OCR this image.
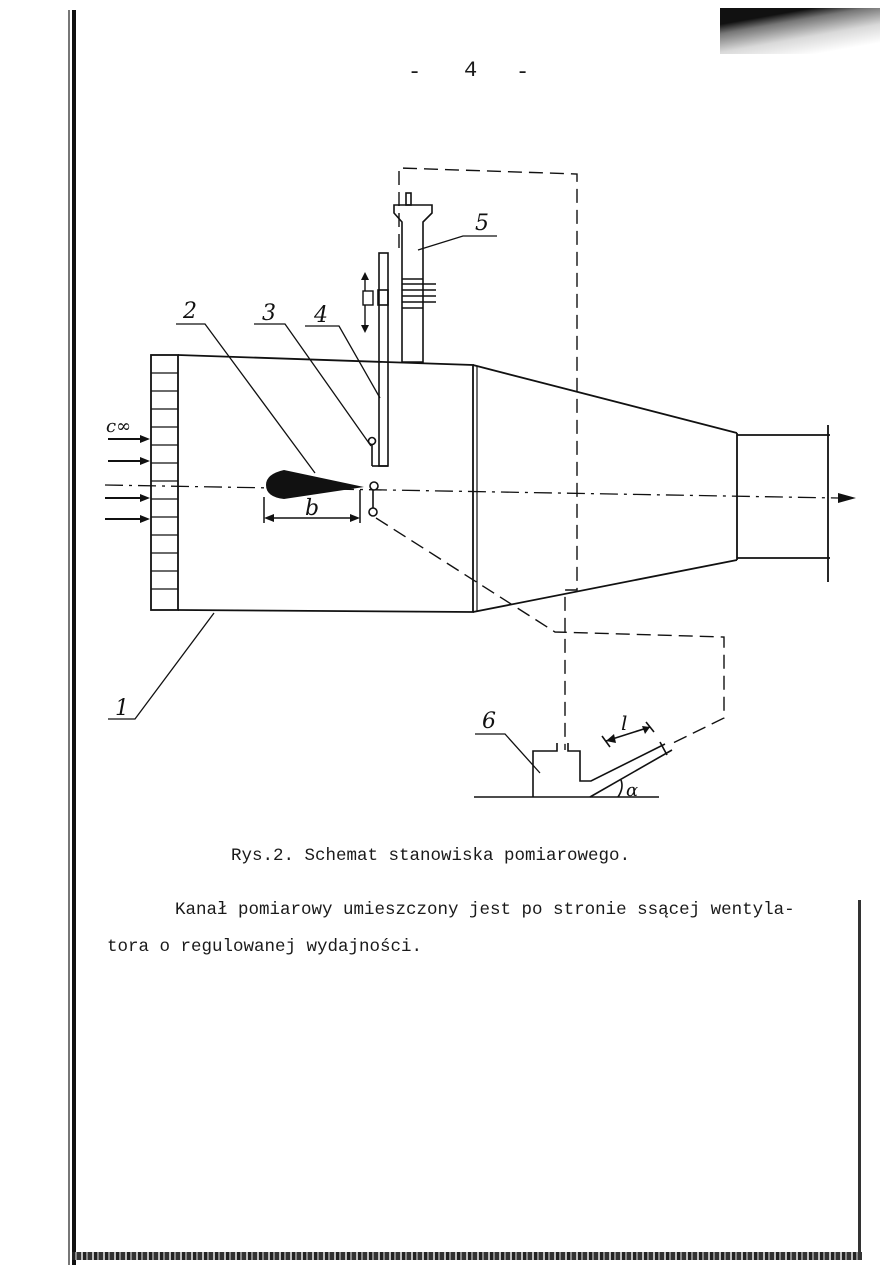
- 4 -
1
2	3 4
5
6
c∞
b
l
α
Rys.2. Schemat stanowiska pomiarowego.
Kanał pomiarowy umieszczony jest po stronie ssącej wentyla-
tora o regulowanej wydajności.
